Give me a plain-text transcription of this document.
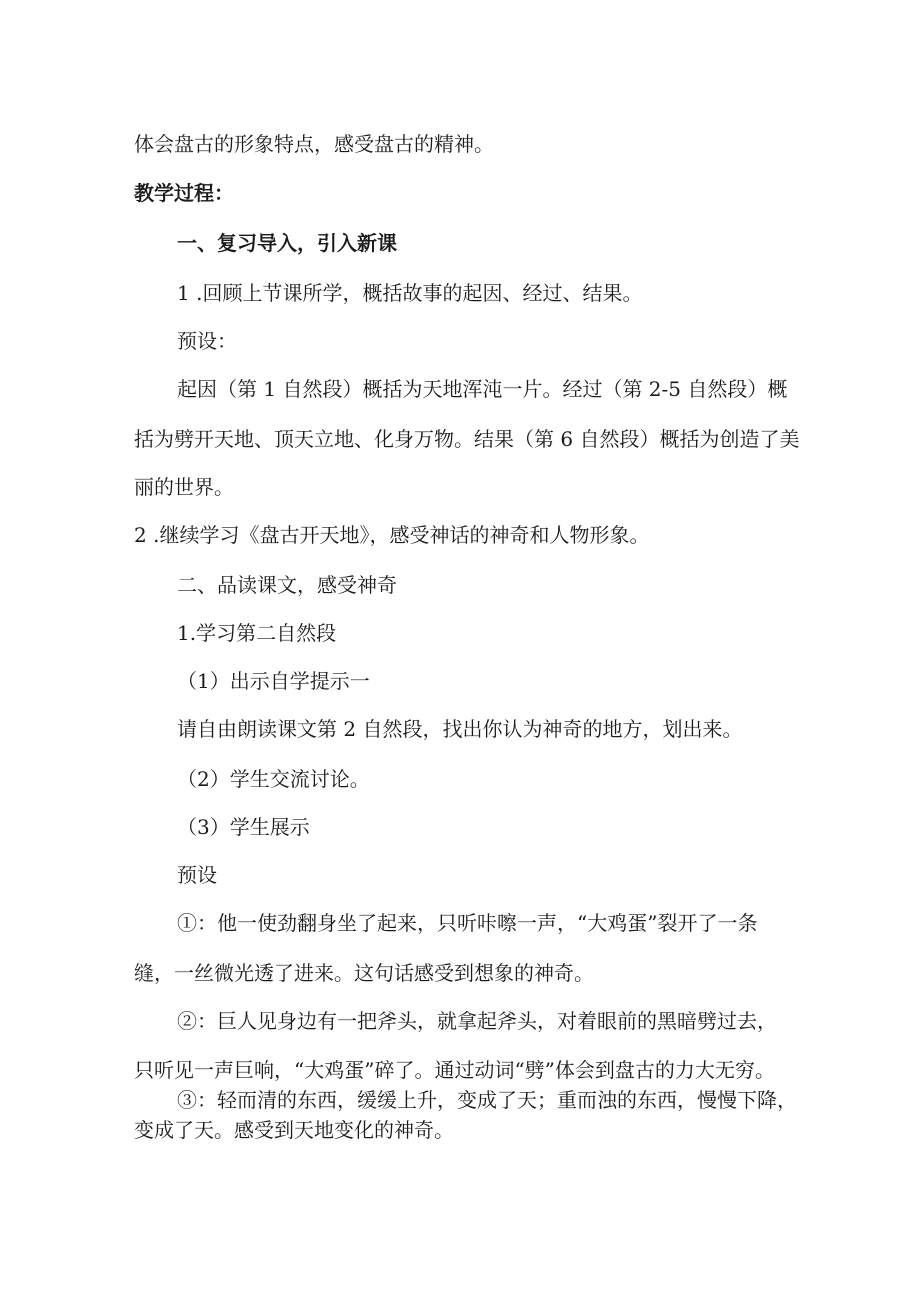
体会盘古的形象特点，感受盘古的精神。
教学过程：
一、复习导入，引入新课
1 .回顾上节课所学，概括故事的起因、经过、结果。
预设：
起因（第 1 自然段）概括为天地浑沌一片。经过（第 2-5 自然段）概
括为劈开天地、顶天立地、化身万物。结果（第 6 自然段）概括为创造了美
丽的世界。
2 .继续学习《盘古开天地》，感受神话的神奇和人物形象。
二、品读课文，感受神奇
1.学习第二自然段
（1）出示自学提示一
请自由朗读课文第 2 自然段，找出你认为神奇的地方，划出来。
（2）学生交流讨论。
（3）学生展示
预设
①：他一使劲翻身坐了起来，只听咔嚓一声，“大鸡蛋”裂开了一条
缝，一丝微光透了进来。这句话感受到想象的神奇。
②：巨人见身边有一把斧头，就拿起斧头，对着眼前的黑暗劈过去，
只听见一声巨响，“大鸡蛋”碎了。通过动词“劈”体会到盘古的力大无穷。
③：轻而清的东西，缓缓上升，变成了天；重而浊的东西，慢慢下降，
变成了天。感受到天地变化的神奇。
